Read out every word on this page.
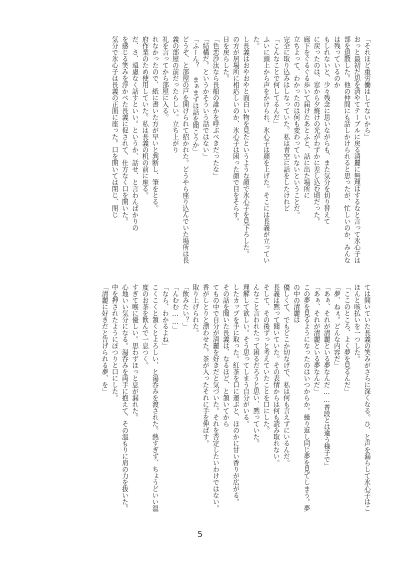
「それほど重労働はしてないから」
おっと最初だ思を済やてテーブルに戻る清麗に無理はするなと言って氷心子は部を退散した。他の仲間にも話しかけられると思ったが、忙しいのか、みんなは残っているのか
もしれないと、少々残念に思いながらも、また気分を切り替えて
に戻ったのは、窓から夕焼けの光がわずかに差し込む頃だった。
廊下をぐるぐる歩いて届けたあとふと、話に出た場所に
立ちよって、わかったのは何も変わっていないということだ。
完全に取り込みはしなっていた。私は青空に話をしたけれど
「こんなことで何してるんだ」
ふいに頭上から声をかけられ、氷心子は顔を上げた。そこには長義が立っていた。
し長義はおやおやと面白い物を見たというような顔で氷心子を見下ろした。
の方が居場所に相応しいのか、氷心子は困った顔で目をそらす。
日を戻らした。
「色恋沙汰なら長船の誰かを呼ぶべきだったな」
「結構だ。というかそういう話ではない」
「ふーん？ まぁまずは話を聞こうか」
どうぞ、と部屋の戸を開けられて招かれた。どうやら座り込んでいた場所は長義の部屋の前だったらしい。立ち上がり
礼を言ってから部屋に入る。
れなかったので、紙に書いた方が早いと判断し、筆をとる。
府作業のため使用していた。私は長義の机の前に座る。
だ、さ、遠慮なく話すといい。というか、話せ、と言わんばかりの
を感じる笑みを浮かべた長義に促されて、仕方なく口を開いた。
気分で氷心子は長義の正面に座った。口を開いては閉じ、閉じ
ては開いていた長義の笑みがさらに深くなる。ひ、と声を漏らして氷心子はこほんと咳払いを一つした。
「ここのところ、よく夢を見るんだ」
「夢、ねぇ。どんな内容だ」
「あぁ、それが清麗といる夢なんだ……普段とは違う様子で」
「あぁ、それが清麗といる夢なんだ」
この夢を見るようになったのはいつからか。繰り返し同じ夢を見てしまう。夢の中の清麗は
優しくて、でもどこか切なげで、私は何も言えずにいるんだ。
長義は黙って聞いていた。その表情からは何も読み取れない。
そして、その後ずっと考えていたことを口にした。
んなこと言われたって困るだろうと思い、黙っていた。
理解して欲しい。そう思ってしまう自分がいる。
したカップを手に取った。紅茶を口に運ぶと、ほのかに甘い香りが広がる。
その話を聞いた長義は、なるほど、と頷いてから
てもの中で自分が清麗を好きだと気づいた。それを否定したいわけではない。
香がしとりと漂わせた。茶が入ったそれに手を伸ばす。
取り上げられた。
「飲みたい？」
「んむむ……」
「なら、わかるよね」
こくこくと頷くとよろしい、と湯呑みを渡された。熱すぎず、ちょうどいい温度のお茶を飲んで一息つく。
すぎて喉に優しい。思わずほっと息が漏れた。
心地いい気分になる。湯呑みを両手に抱えて、その温もりに肩の力を抜いた。
中を押されたようにぽつりと口にした。
「清麗に好きだと告げられる夢、を」
5
